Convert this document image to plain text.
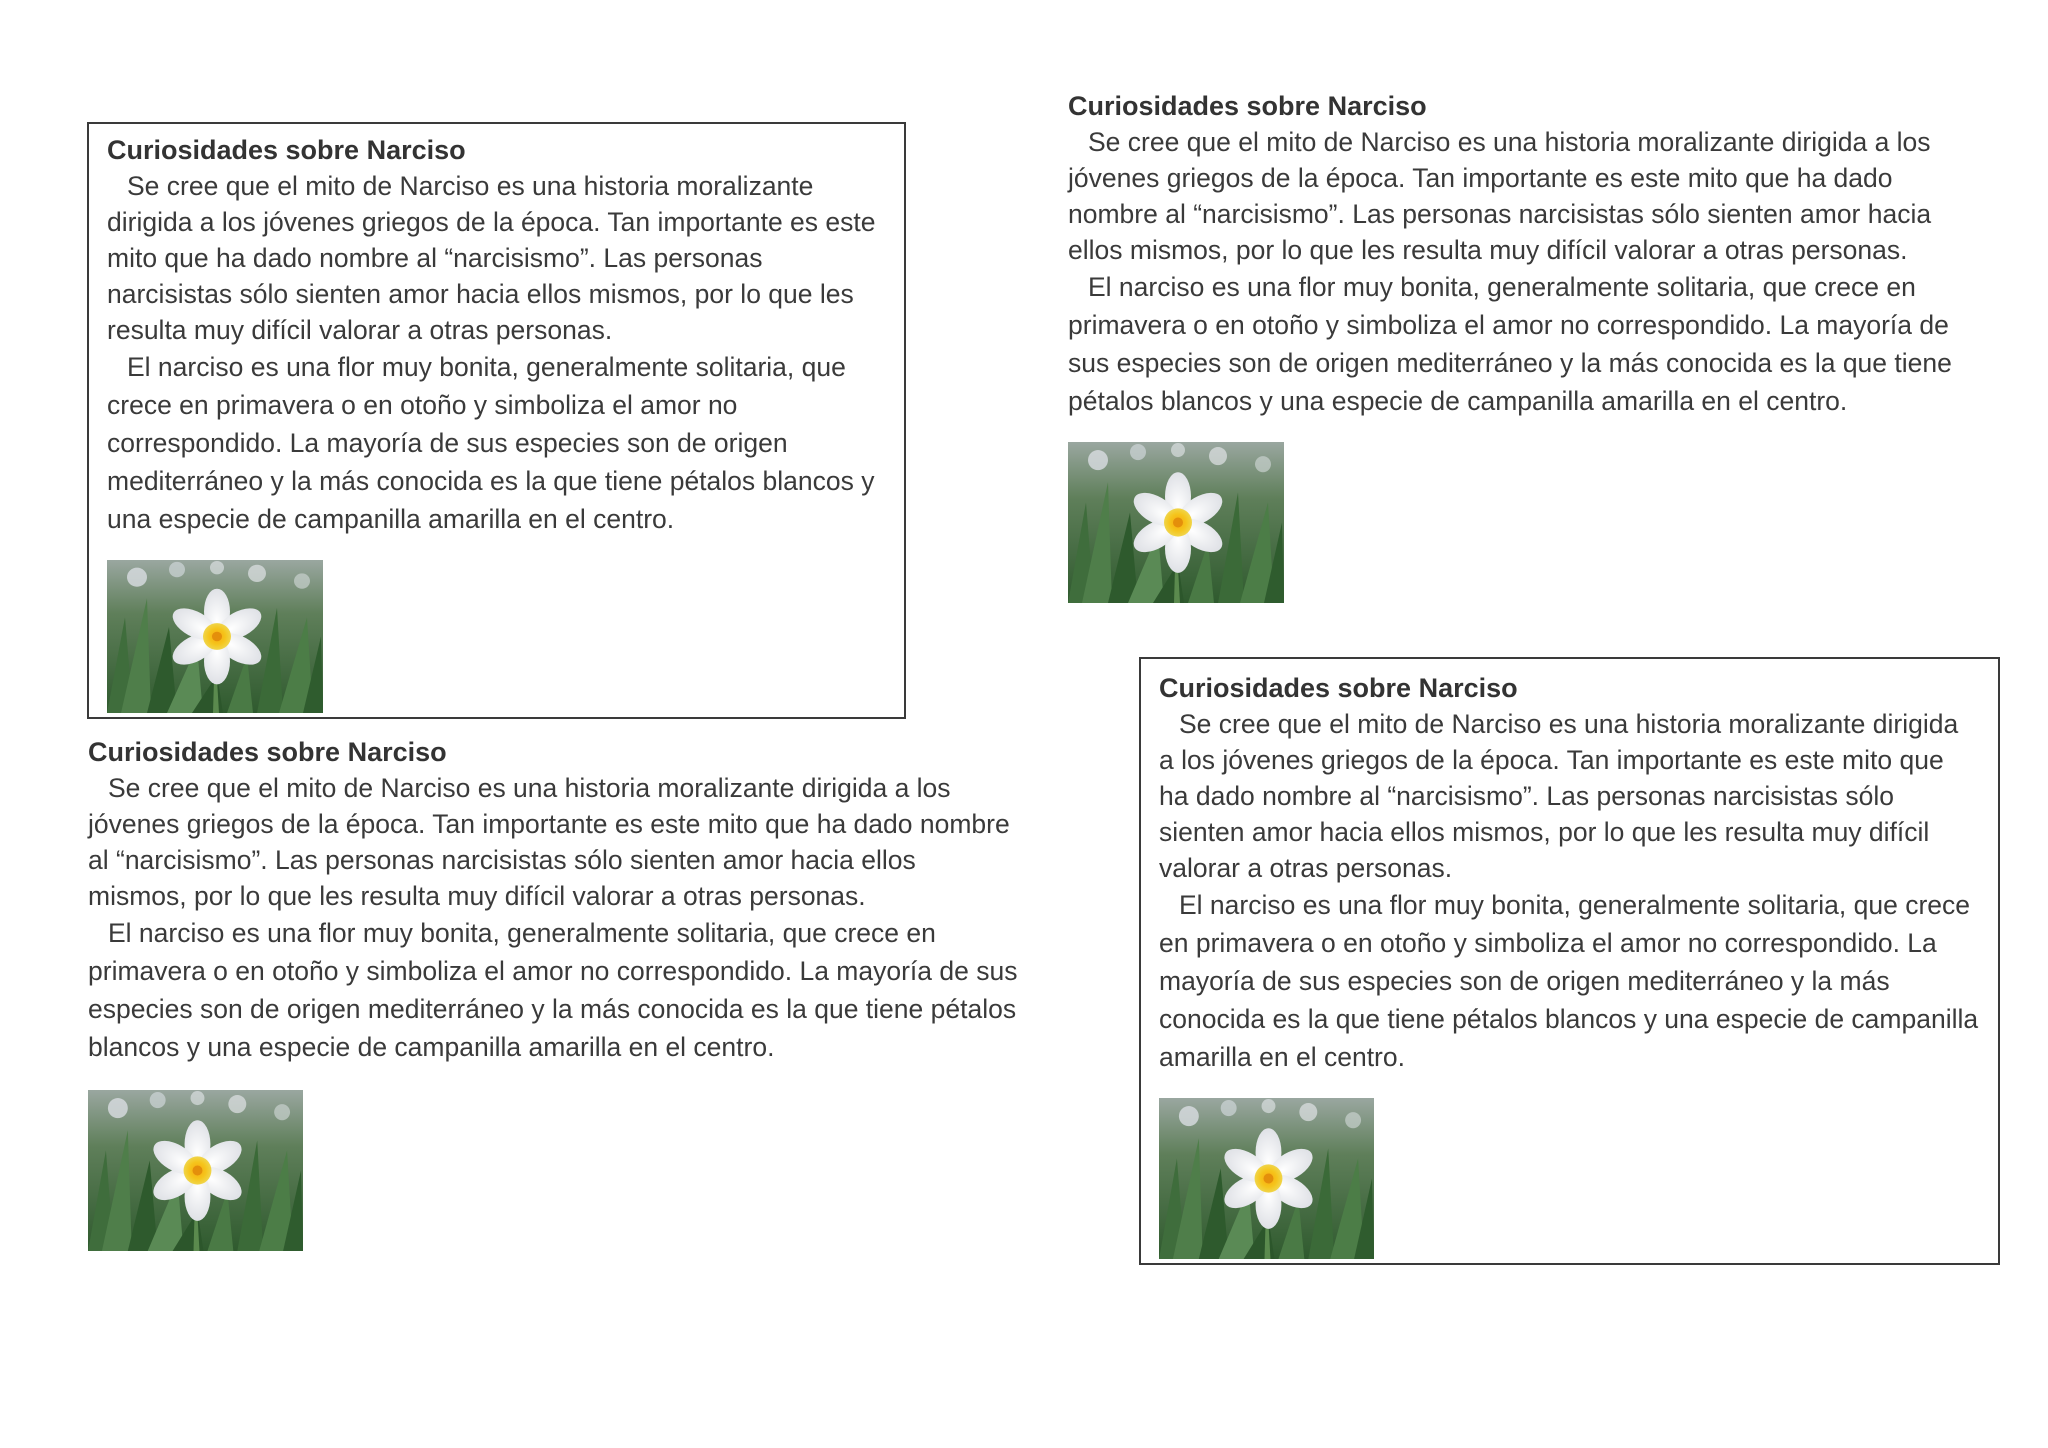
Curiosidades sobre Narciso

Se cree que el mito de Narciso es una historia moralizante dirigida a los jóvenes griegos de la época. Tan importante es este mito que ha dado nombre al “narcisismo”. Las personas narcisistas sólo sienten amor hacia ellos mismos, por lo que les resulta muy difícil valorar a otras personas.

El narciso es una flor muy bonita, generalmente solitaria, que crece en primavera o en otoño y simboliza el amor no correspondido. La mayoría de sus especies son de origen mediterráneo y la más conocida es la que tiene pétalos blancos y una especie de campanilla amarilla en el centro.

Curiosidades sobre Narciso

Se cree que el mito de Narciso es una historia moralizante dirigida a los jóvenes griegos de la época. Tan importante es este mito que ha dado nombre al “narcisismo”. Las personas narcisistas sólo sienten amor hacia ellos mismos, por lo que les resulta muy difícil valorar a otras personas.

El narciso es una flor muy bonita, generalmente solitaria, que crece en primavera o en otoño y simboliza el amor no correspondido. La mayoría de sus especies son de origen mediterráneo y la más conocida es la que tiene pétalos blancos y una especie de campanilla amarilla en el centro.

Curiosidades sobre Narciso

Se cree que el mito de Narciso es una historia moralizante dirigida a los jóvenes griegos de la época. Tan importante es este mito que ha dado nombre al “narcisismo”. Las personas narcisistas sólo sienten amor hacia ellos mismos, por lo que les resulta muy difícil valorar a otras personas.

El narciso es una flor muy bonita, generalmente solitaria, que crece en primavera o en otoño y simboliza el amor no correspondido. La mayoría de sus especies son de origen mediterráneo y la más conocida es la que tiene pétalos blancos y una especie de campanilla amarilla en el centro.

Curiosidades sobre Narciso

Se cree que el mito de Narciso es una historia moralizante dirigida a los jóvenes griegos de la época. Tan importante es este mito que ha dado nombre al “narcisismo”. Las personas narcisistas sólo sienten amor hacia ellos mismos, por lo que les resulta muy difícil valorar a otras personas.

El narciso es una flor muy bonita, generalmente solitaria, que crece en primavera o en otoño y simboliza el amor no correspondido. La mayoría de sus especies son de origen mediterráneo y la más conocida es la que tiene pétalos blancos y una especie de campanilla amarilla en el centro.
